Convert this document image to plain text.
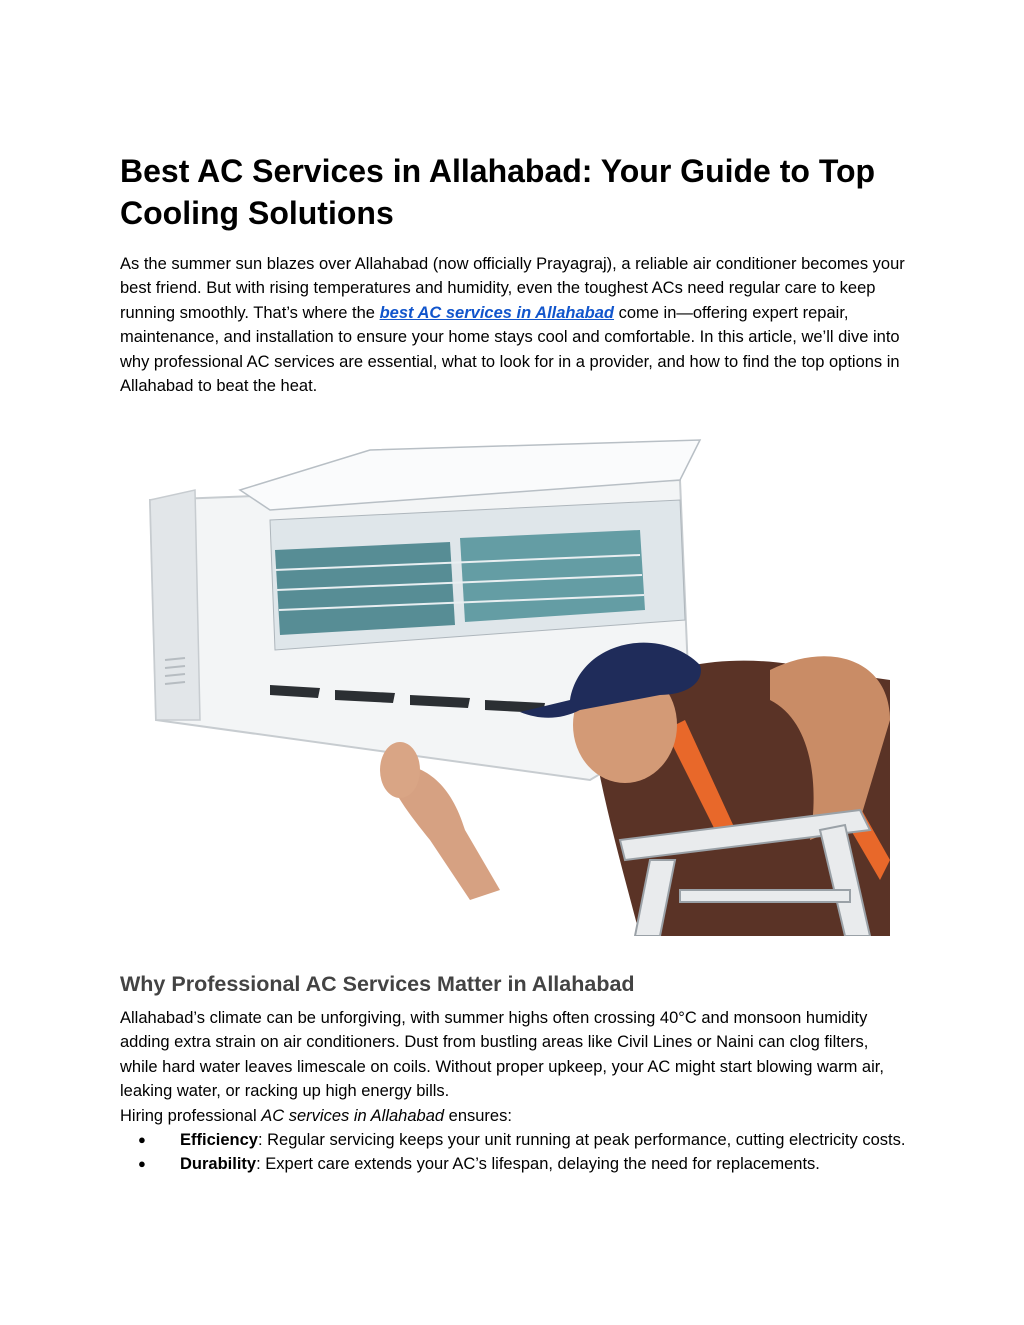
Best AC Services in Allahabad: Your Guide to Top Cooling Solutions

As the summer sun blazes over Allahabad (now officially Prayagraj), a reliable air conditioner becomes your best friend. But with rising temperatures and humidity, even the toughest ACs need regular care to keep running smoothly. That’s where the best AC services in Allahabad come in—offering expert repair, maintenance, and installation to ensure your home stays cool and comfortable. In this article, we’ll dive into why professional AC services are essential, what to look for in a provider, and how to find the top options in Allahabad to beat the heat.

Why Professional AC Services Matter in Allahabad

Allahabad’s climate can be unforgiving, with summer highs often crossing 40°C and monsoon humidity adding extra strain on air conditioners. Dust from bustling areas like Civil Lines or Naini can clog filters, while hard water leaves limescale on coils. Without proper upkeep, your AC might start blowing warm air, leaking water, or racking up high energy bills.

Hiring professional AC services in Allahabad ensures:

● Efficiency: Regular servicing keeps your unit running at peak performance, cutting electricity costs.
● Durability: Expert care extends your AC’s lifespan, delaying the need for replacements.
